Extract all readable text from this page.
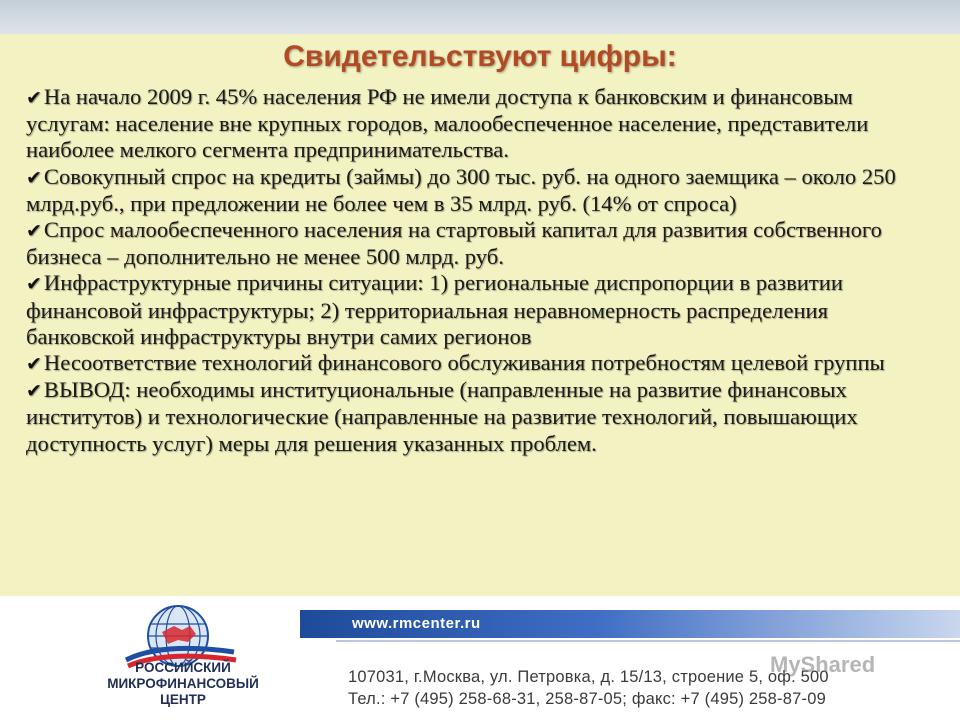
Свидетельствуют цифры:
✔На начало 2009 г. 45% населения РФ не имели доступа к банковским и финансовым услугам: население вне крупных городов, малообеспеченное население, представители наиболее мелкого сегмента предпринимательства.
✔Совокупный спрос на кредиты (займы) до 300 тыс. руб. на одного заемщика – около 250 млрд.руб., при предложении не более чем в 35 млрд. руб. (14% от спроса)
✔Спрос малообеспеченного населения на стартовый капитал для развития собственного бизнеса – дополнительно не менее 500 млрд. руб.
✔Инфраструктурные причины ситуации: 1) региональные диспропорции в развитии финансовой инфраструктуры; 2) территориальная неравномерность распределения банковской инфраструктуры внутри самих регионов
✔Несоответствие технологий финансового обслуживания потребностям целевой группы
✔ВЫВОД: необходимы институциональные (направленные на развитие финансовых институтов) и технологические (направленные на развитие технологий, повышающих доступность услуг) меры для решения указанных проблем.
www.rmcenter.ru

РОССИЙСКИЙ
МИКРОФИНАНСОВЫЙ
ЦЕНТР

107031, г.Москва, ул. Петровка, д. 15/13, строение 5, оф. 500
Тел.: +7 (495) 258-68-31, 258-87-05; факс: +7 (495) 258-87-09
MyShared
